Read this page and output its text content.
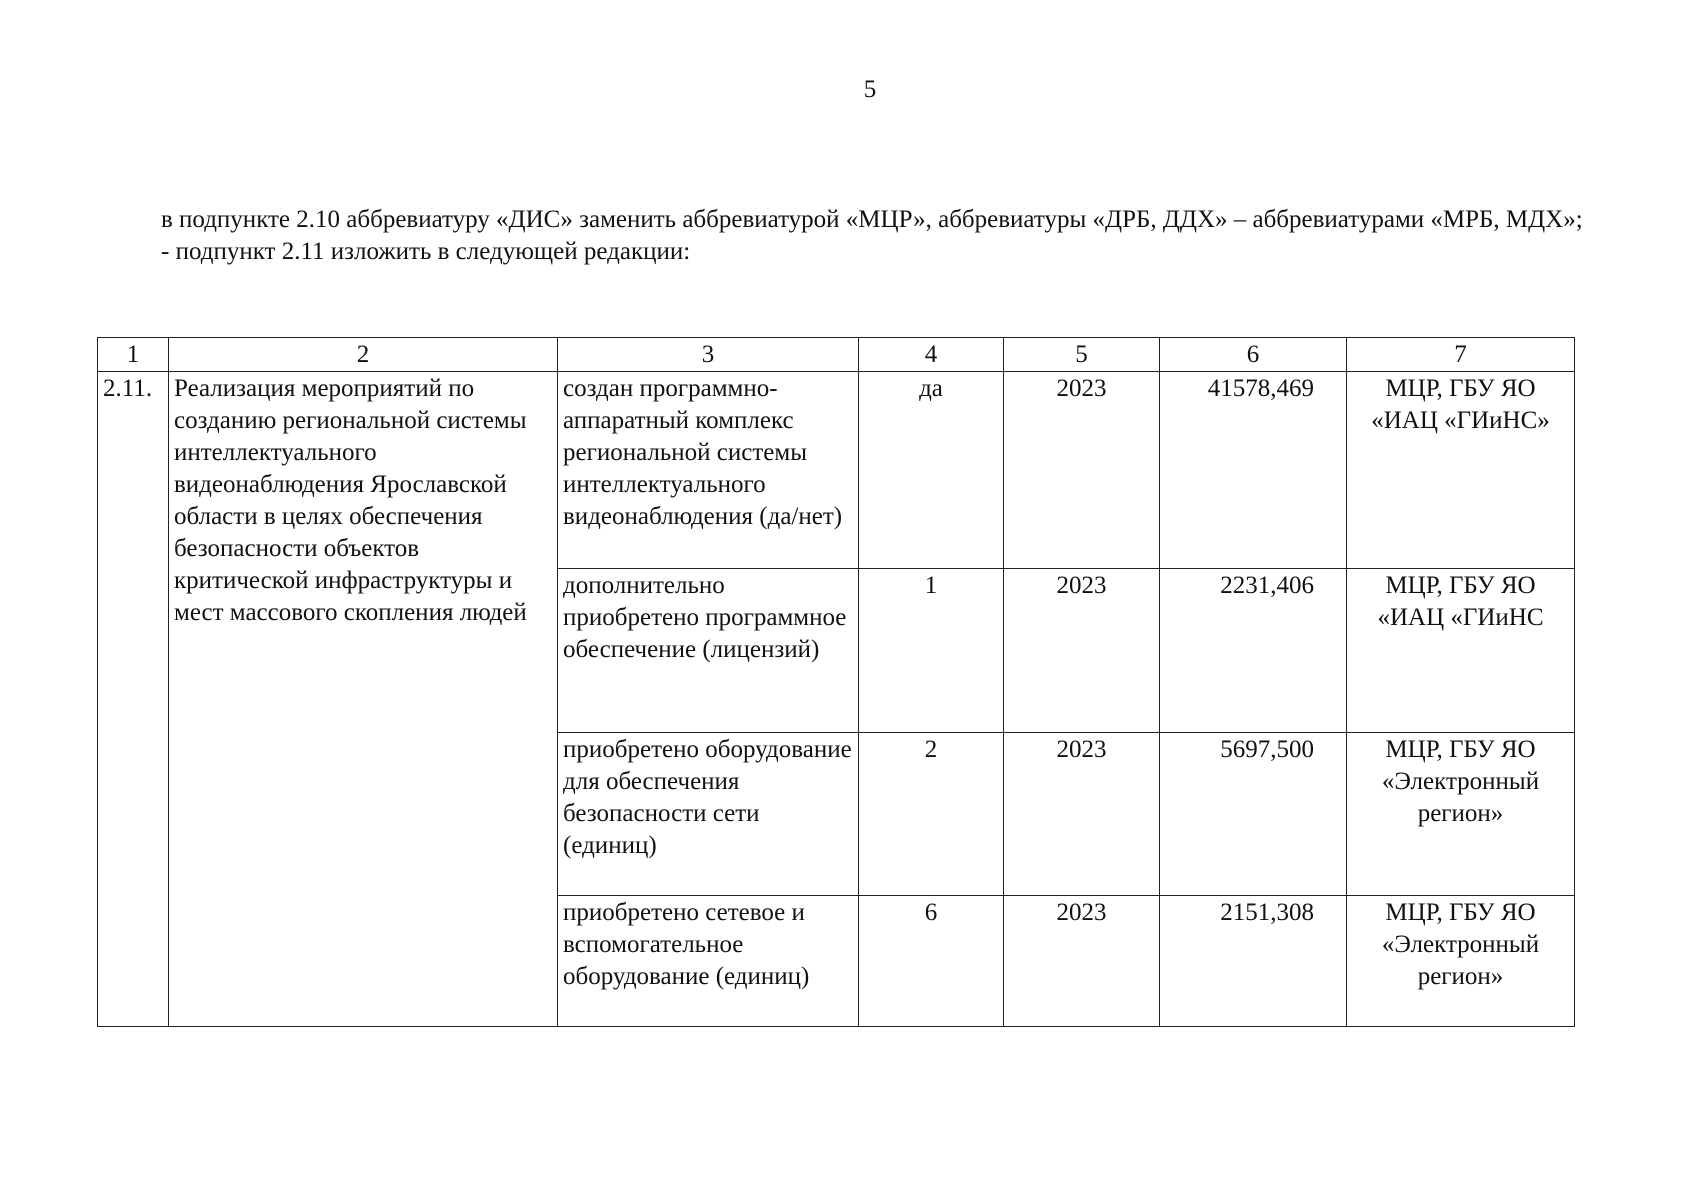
5

в подпункте 2.10 аббревиатуру «ДИС» заменить аббревиатурой «МЦР», аббревиатуры «ДРБ, ДДХ» – аббревиатурами «МРБ, МДХ»;

- подпункт 2.11 изложить в следующей редакции:

1	2	3	4	5	6	7
2.11.	Реализация мероприятий по созданию региональной системы интеллектуального видеонаблюдения Ярославской области в целях обеспечения безопасности объектов критической инфраструктуры и мест массового скопления людей	создан программно-аппаратный комплекс региональной системы интеллектуального видеонаблюдения (да/нет)	да	2023	41578,469	МЦР, ГБУ ЯО «ИАЦ «ГИиНС»
		дополнительно приобретено программное обеспечение (лицензий)	1	2023	2231,406	МЦР, ГБУ ЯО «ИАЦ «ГИиНС
		приобретено оборудование для обеспечения безопасности сети (единиц)	2	2023	5697,500	МЦР, ГБУ ЯО «Электронный регион»
		приобретено сетевое и вспомогательное оборудование (единиц)	6	2023	2151,308	МЦР, ГБУ ЯО «Электронный регион»
